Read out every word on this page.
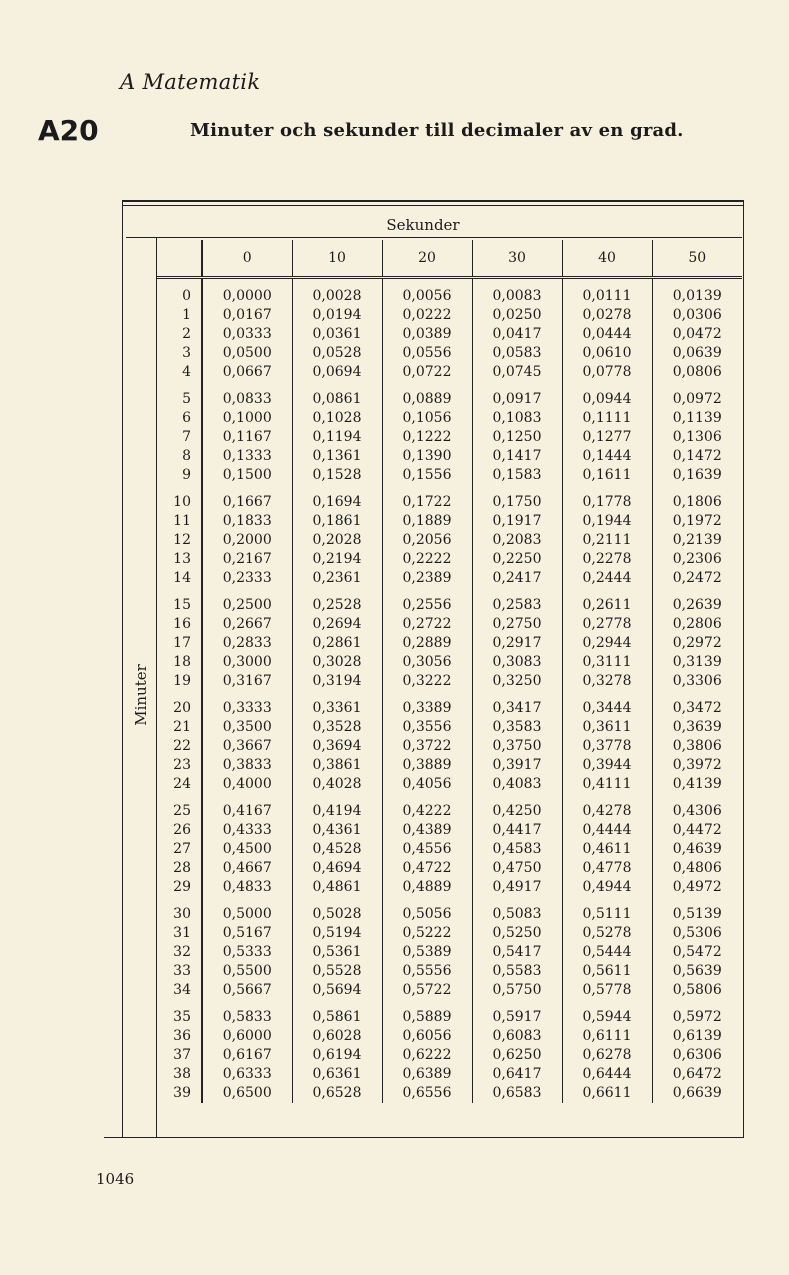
A Matematik
A20	Minuter och sekunder till decimaler av en grad.
Sekunder
Minuter
	0	10	20	30	40	50

0	0,0000	0,0028	0,0056	0,0083	0,0111	0,0139
1	0,0167	0,0194	0,0222	0,0250	0,0278	0,0306
2	0,0333	0,0361	0,0389	0,0417	0,0444	0,0472
3	0,0500	0,0528	0,0556	0,0583	0,0610	0,0639
4	0,0667	0,0694	0,0722	0,0745	0,0778	0,0806

5	0,0833	0,0861	0,0889	0,0917	0,0944	0,0972
6	0,1000	0,1028	0,1056	0,1083	0,1111	0,1139
7	0,1167	0,1194	0,1222	0,1250	0,1277	0,1306
8	0,1333	0,1361	0,1390	0,1417	0,1444	0,1472
9	0,1500	0,1528	0,1556	0,1583	0,1611	0,1639

10	0,1667	0,1694	0,1722	0,1750	0,1778	0,1806
11	0,1833	0,1861	0,1889	0,1917	0,1944	0,1972
12	0,2000	0,2028	0,2056	0,2083	0,2111	0,2139
13	0,2167	0,2194	0,2222	0,2250	0,2278	0,2306
14	0,2333	0,2361	0,2389	0,2417	0,2444	0,2472

15	0,2500	0,2528	0,2556	0,2583	0,2611	0,2639
16	0,2667	0,2694	0,2722	0,2750	0,2778	0,2806
17	0,2833	0,2861	0,2889	0,2917	0,2944	0,2972
18	0,3000	0,3028	0,3056	0,3083	0,3111	0,3139
19	0,3167	0,3194	0,3222	0,3250	0,3278	0,3306

20	0,3333	0,3361	0,3389	0,3417	0,3444	0,3472
21	0,3500	0,3528	0,3556	0,3583	0,3611	0,3639
22	0,3667	0,3694	0,3722	0,3750	0,3778	0,3806
23	0,3833	0,3861	0,3889	0,3917	0,3944	0,3972
24	0,4000	0,4028	0,4056	0,4083	0,4111	0,4139

25	0,4167	0,4194	0,4222	0,4250	0,4278	0,4306
26	0,4333	0,4361	0,4389	0,4417	0,4444	0,4472
27	0,4500	0,4528	0,4556	0,4583	0,4611	0,4639
28	0,4667	0,4694	0,4722	0,4750	0,4778	0,4806
29	0,4833	0,4861	0,4889	0,4917	0,4944	0,4972

30	0,5000	0,5028	0,5056	0,5083	0,5111	0,5139
31	0,5167	0,5194	0,5222	0,5250	0,5278	0,5306
32	0,5333	0,5361	0,5389	0,5417	0,5444	0,5472
33	0,5500	0,5528	0,5556	0,5583	0,5611	0,5639
34	0,5667	0,5694	0,5722	0,5750	0,5778	0,5806

35	0,5833	0,5861	0,5889	0,5917	0,5944	0,5972
36	0,6000	0,6028	0,6056	0,6083	0,6111	0,6139
37	0,6167	0,6194	0,6222	0,6250	0,6278	0,6306
38	0,6333	0,6361	0,6389	0,6417	0,6444	0,6472
39	0,6500	0,6528	0,6556	0,6583	0,6611	0,6639
1046
